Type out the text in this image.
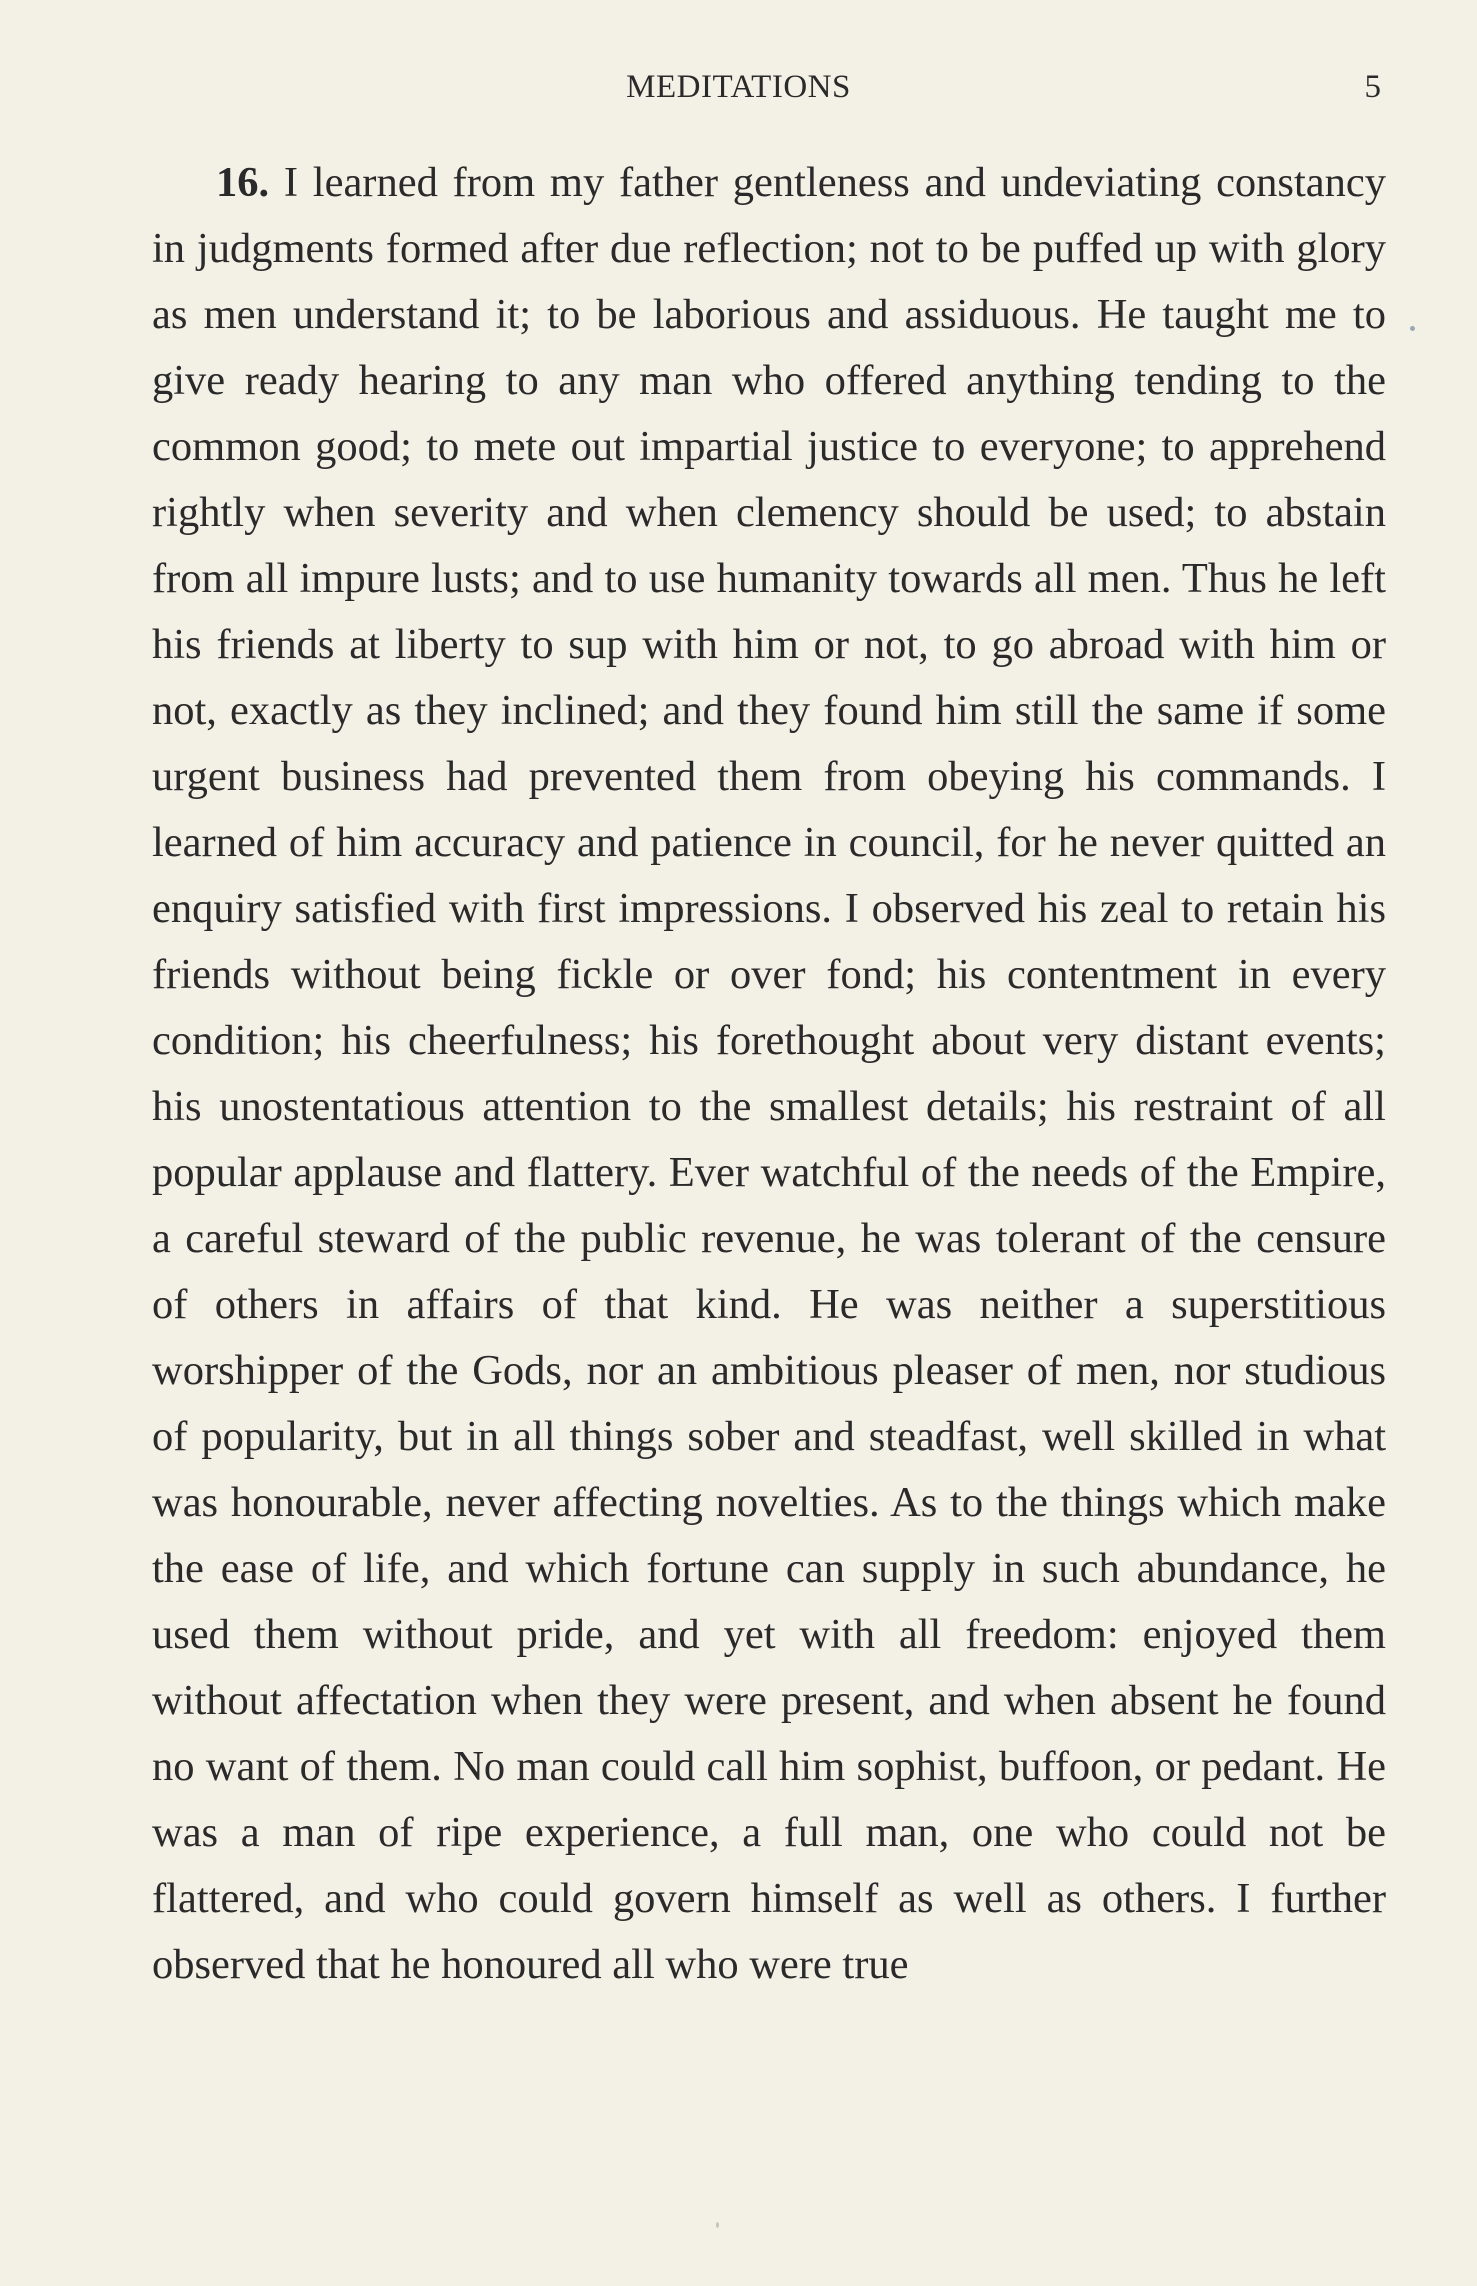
MEDITATIONS	5

16. I learned from my father gentleness and undeviating constancy in judgments formed after due reflection; not to be puffed up with glory as men understand it; to be laborious and assiduous. He taught me to give ready hearing to any man who offered anything tending to the common good; to mete out impartial justice to everyone; to apprehend rightly when severity and when clemency should be used; to abstain from all impure lusts; and to use humanity towards all men. Thus he left his friends at liberty to sup with him or not, to go abroad with him or not, exactly as they inclined; and they found him still the same if some urgent business had prevented them from obeying his commands. I learned of him accuracy and patience in council, for he never quitted an enquiry satisfied with first impressions. I observed his zeal to retain his friends without being fickle or over fond; his contentment in every condition; his cheerfulness; his forethought about very distant events; his unostentatious attention to the smallest details; his restraint of all popular applause and flattery. Ever watchful of the needs of the Empire, a careful steward of the public revenue, he was tolerant of the censure of others in affairs of that kind. He was neither a superstitious worshipper of the Gods, nor an ambitious pleaser of men, nor studious of popularity, but in all things sober and steadfast, well skilled in what was honourable, never affecting novelties. As to the things which make the ease of life, and which fortune can supply in such abundance, he used them without pride, and yet with all freedom: enjoyed them without affectation when they were present, and when absent he found no want of them. No man could call him sophist, buffoon, or pedant. He was a man of ripe experience, a full man, one who could not be flattered, and who could govern himself as well as others. I further observed that he honoured all who were true
